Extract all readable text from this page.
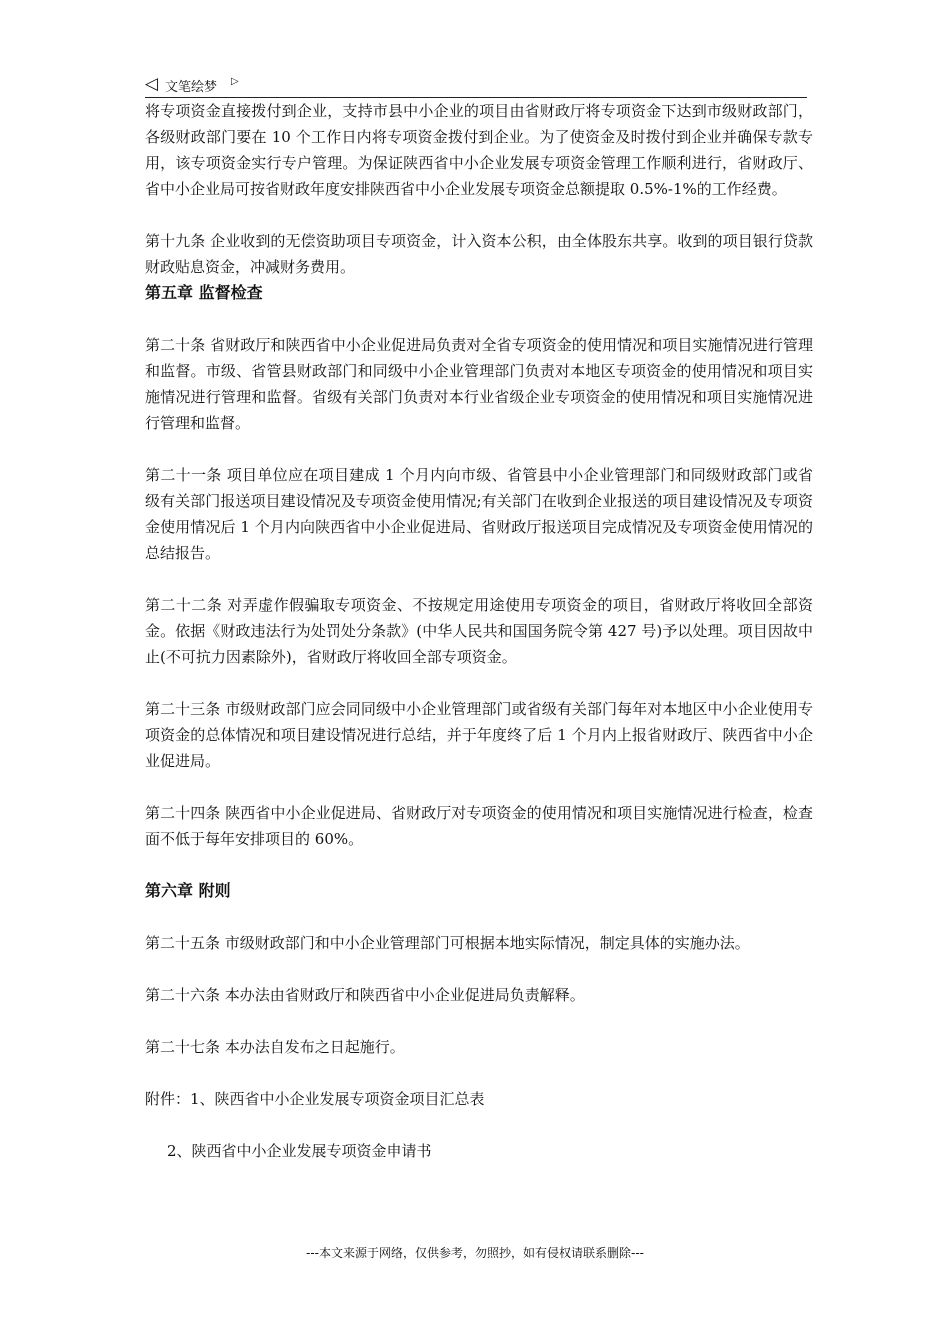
◁ 文笔绘梦 ▷

将专项资金直接拨付到企业，支持市县中小企业的项目由省财政厅将专项资金下达到市级财政部门，各级财政部门要在 10 个工作日内将专项资金拨付到企业。为了使资金及时拨付到企业并确保专款专用，该专项资金实行专户管理。为保证陕西省中小企业发展专项资金管理工作顺利进行，省财政厅、省中小企业局可按省财政年度安排陕西省中小企业发展专项资金总额提取 0.5%-1%的工作经费。

第十九条 企业收到的无偿资助项目专项资金，计入资本公积，由全体股东共享。收到的项目银行贷款财政贴息资金，冲减财务费用。

第五章 监督检查

第二十条 省财政厅和陕西省中小企业促进局负责对全省专项资金的使用情况和项目实施情况进行管理和监督。市级、省管县财政部门和同级中小企业管理部门负责对本地区专项资金的使用情况和项目实施情况进行管理和监督。省级有关部门负责对本行业省级企业专项资金的使用情况和项目实施情况进行管理和监督。

第二十一条 项目单位应在项目建成 1 个月内向市级、省管县中小企业管理部门和同级财政部门或省级有关部门报送项目建设情况及专项资金使用情况;有关部门在收到企业报送的项目建设情况及专项资金使用情况后 1 个月内向陕西省中小企业促进局、省财政厅报送项目完成情况及专项资金使用情况的总结报告。

第二十二条 对弄虚作假骗取专项资金、不按规定用途使用专项资金的项目，省财政厅将收回全部资金。依据《财政违法行为处罚处分条款》(中华人民共和国国务院令第 427 号)予以处理。项目因故中止(不可抗力因素除外)，省财政厅将收回全部专项资金。

第二十三条 市级财政部门应会同同级中小企业管理部门或省级有关部门每年对本地区中小企业使用专项资金的总体情况和项目建设情况进行总结，并于年度终了后 1 个月内上报省财政厅、陕西省中小企业促进局。

第二十四条 陕西省中小企业促进局、省财政厅对专项资金的使用情况和项目实施情况进行检查，检查面不低于每年安排项目的 60%。

第六章 附则

第二十五条 市级财政部门和中小企业管理部门可根据本地实际情况，制定具体的实施办法。

第二十六条 本办法由省财政厅和陕西省中小企业促进局负责解释。

第二十七条 本办法自发布之日起施行。

附件：1、陕西省中小企业发展专项资金项目汇总表

2、陕西省中小企业发展专项资金申请书

---本文来源于网络，仅供参考，勿照抄，如有侵权请联系删除---
